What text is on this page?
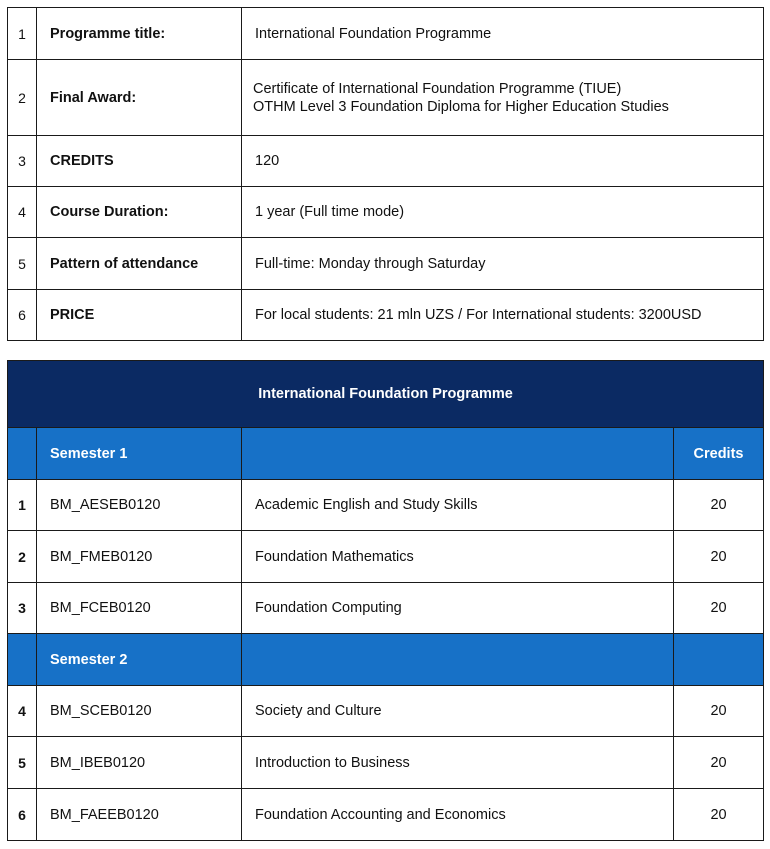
1	Programme title:	International Foundation Programme

2	Final Award:	Certificate of International Foundation Programme (TIUE)
OTHM Level 3 Foundation Diploma for Higher Education Studies

3	CREDITS	120

4	Course Duration:	1 year (Full time mode)

5	Pattern of attendance	Full-time: Monday through Saturday

6	PRICE	For local students: 21 mln UZS / For International students: 3200USD
International Foundation Programme			
	Semester 1		Credits
1	BM_AESEB0120	Academic English and Study Skills	20
2	BM_FMEB0120	Foundation Mathematics	20
3	BM_FCEB0120	Foundation Computing	20
	Semester 2		
4	BM_SCEB0120	Society and Culture	20
5	BM_IBEB0120	Introduction to Business	20
6	BM_FAEEB0120	Foundation Accounting and Economics	20
